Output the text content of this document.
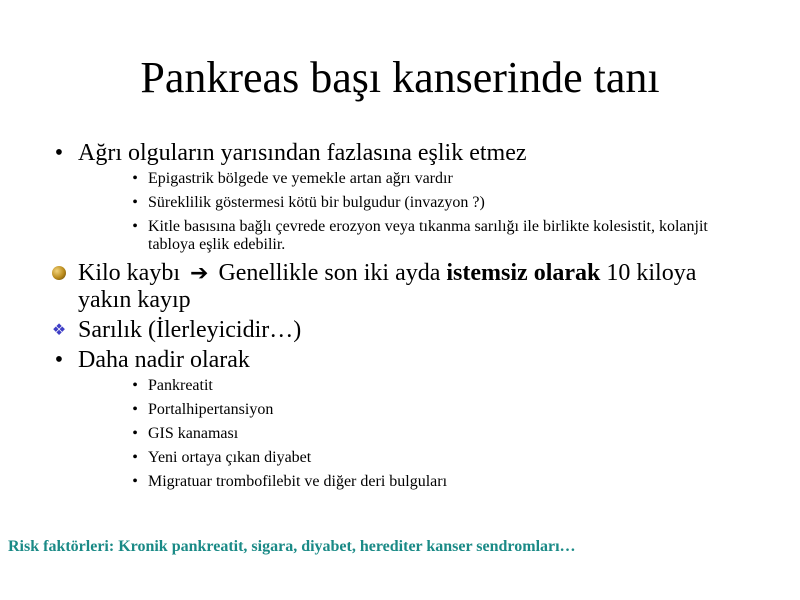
Pankreas başı kanserinde tanı
• Ağrı olguların yarısından fazlasına eşlik etmez
• Epigastrik bölgede ve yemekle artan ağrı vardır
• Süreklilik göstermesi kötü bir bulgudur (invazyon ?)
• Kitle basısına bağlı çevrede erozyon veya tıkanma sarılığı ile birlikte kolesistit, kolanjit tabloya eşlik edebilir.
Kilo kaybı ➔ Genellikle son iki ayda istemsiz olarak 10 kiloya yakın kayıp
❖ Sarılık (İlerleyicidir…)
• Daha nadir olarak
• Pankreatit
• Portalhipertansiyon
• GIS kanaması
• Yeni ortaya çıkan diyabet
• Migratuar trombofilebit ve diğer deri bulguları
Risk faktörleri: Kronik pankreatit, sigara, diyabet, herediter kanser sendromları…
